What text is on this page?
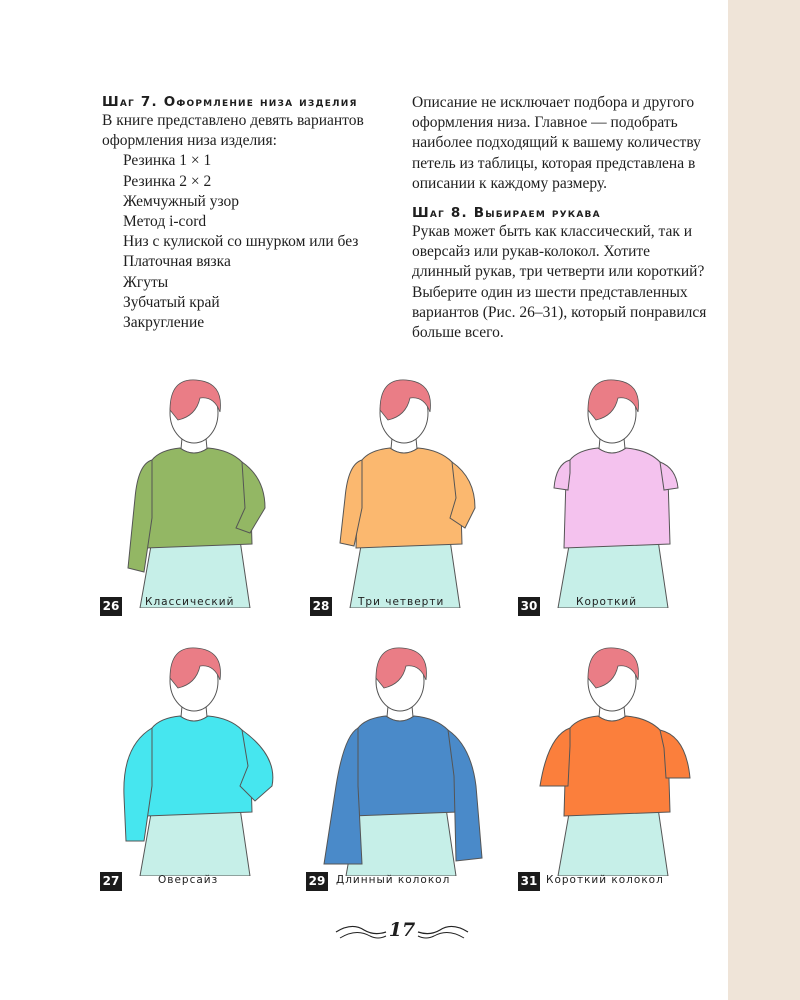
Шаг 7. Оформление низа изделия

В книге представлено девять вариантов оформления низа изделия:

Резинка 1 × 1
Резинка 2 × 2
Жемчужный узор
Метод i-cord
Низ с кулиской со шнурком или без
Платочная вязка
Жгуты
Зубчатый край
Закругление

Описание не исключает подбора и другого оформления низа. Главное — подобрать наиболее подходящий к вашему количеству петель из таблицы, которая представлена в описании к каждому размеру.

Шаг 8. Выбираем рукава

Рукав может быть как классический, так и оверсайз или рукав-колокол. Хотите длинный рукав, три четверти или короткий? Выберите один из шести представленных вариантов (Рис. 26–31), который понравился больше всего.

26 Классический	28	Три четверти	30	Короткий
27	Оверсайз	29 Длинный колокол	31 Короткий колокол
17
